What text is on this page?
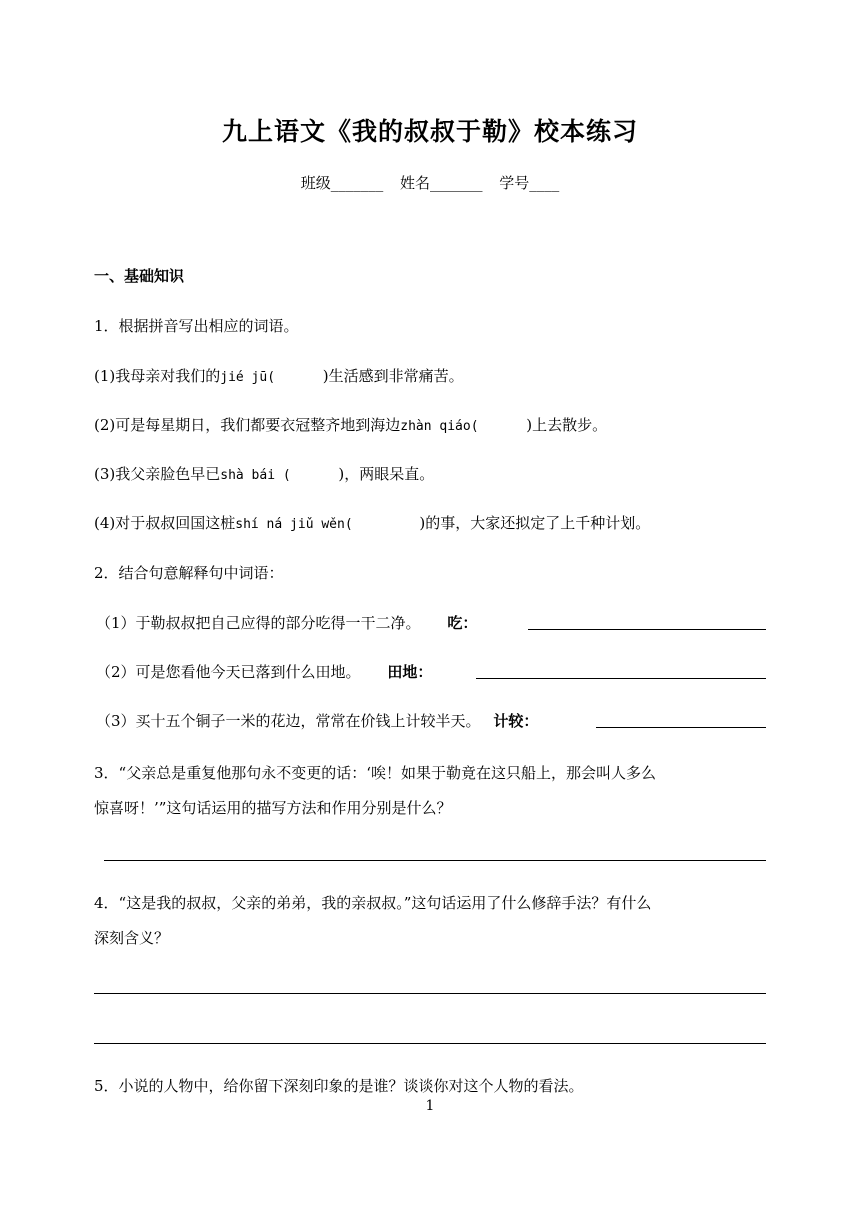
九上语文《我的叔叔于勒》校本练习
班级_______ 姓名_______ 学号____
一、基础知识
1．根据拼音写出相应的词语。
(1)我母亲对我们的jié jū(	)生活感到非常痛苦。
(2)可是每星期日，我们都要衣冠整齐地到海边zhàn qiáo(	)上去散步。
(3)我父亲脸色早已shà bái (	)，两眼呆直。
(4)对于叔叔回国这桩shí ná jiǔ wěn(	)的事，大家还拟定了上千种计划。
2．结合句意解释句中词语：
（1）于勒叔叔把自己应得的部分吃得一干二净。 吃：
（2）可是您看他今天已落到什么田地。 田地：
（3）买十五个铜子一米的花边，常常在价钱上计较半天。 计较：
3．“父亲总是重复他那句永不变更的话：‘唉！如果于勒竟在这只船上，那会叫人多么
惊喜呀！’”这句话运用的描写方法和作用分别是什么？
4．“这是我的叔叔，父亲的弟弟，我的亲叔叔。”这句话运用了什么修辞手法？有什么
深刻含义？
5．小说的人物中，给你留下深刻印象的是谁？谈谈你对这个人物的看法。
1
